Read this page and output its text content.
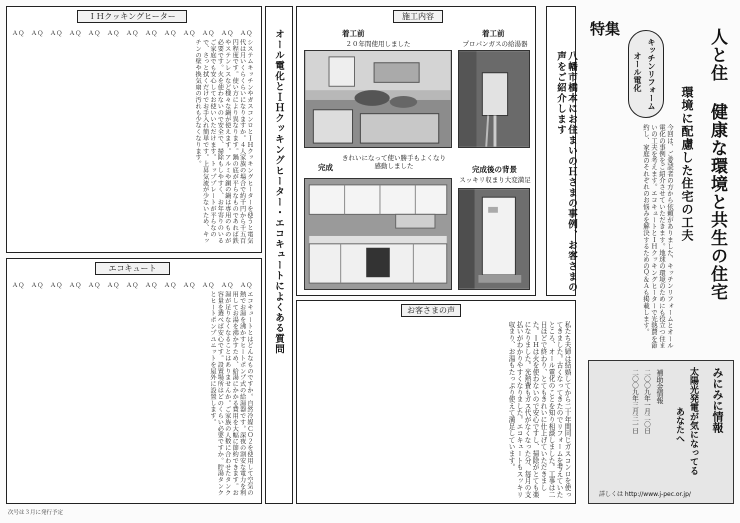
ＩＨクッキングヒーター
システムキッチンやガスコンロとＩＨクッキングヒーターを使うと電気代は月いくらくらいになりますか。４人家族の場合で約千円から千五百円程度です。使い方により異なります。鍋の底が平らなものであれば鉄やステンレスなど様々な鍋が使えます。アルミや銅の鍋は専用のものが必要です。火を使わないので安全で、掃除もしやすく、お年寄りのいるご家庭でも安心してお使いいただけます。トッププレートが平らなので、さっと拭くだけでお手入れ簡単です。上昇気流が少ないため、キッチンの壁や換気扇の汚れも少なくなります。
ＡＱ ＡＱ ＡＱ ＡＱ ＡＱ ＡＱ ＡＱ ＡＱ ＡＱ ＡＱ ＡＱ ＡＱ ＡＱ
エコキュート
エコキュートとはどんなものですか。自然冷媒ＣＯ２を使用して空気の熱でお湯を沸かすヒートポンプ式の給湯器です。深夜の割安な電力を利用してお湯を沸かすため、給湯にかかる費用を大幅に節約できます。お湯が足りなくなることはありませんか。ご家族の人数に合わせたタンク容量を選べば安心です。設置場所はどのくらい必要ですか。貯湯タンクとヒートポンプユニットを屋外に設置します。
ＡＱ ＡＱ ＡＱ ＡＱ ＡＱ ＡＱ ＡＱ ＡＱ ＡＱ ＡＱ ＡＱ ＡＱ ＡＱ
次号は３月に発行予定
オール電化とＩＨクッキングヒーター・エコキュートによくある質問
施工内容
着工前
２０年間使用しました
着工前
プロパンガスの給湯器
完成
きれいになって使い勝手もよくなり感動しました	完成後の背景
スッキリ収まり大変満足	八幡市橋本にお住まいのＨさまの事例、お客さまの声をご紹介します
お客さまの声
私たち夫婦は結婚してから二十年間同じガスコンロを使ってきました。古くなってきたのでリフォームを考えていたところ、オール電化のことを知り相談しました。工事は二日ほどで終わり、とてもきれいに仕上げていただきました。ＩＨは火を使わないので安心ですし、掃除がとても楽になりました。光熱費もガス代がなくなった分、毎月の支払いがわかりやすくなりました。エコキュートもスッキリ収まり、お湯もたっぷり使えて満足しています。
人と住 健康な環境と共生の住宅
環境に配慮した住宅の工夫
特集
キッチンリフォーム
オール電化
今回は、ご愛読者の方から依頼がありました、キッチンリフォームとオール電化の事例をご紹介させていただきます。地球の環境のためにも役立つ住まいの工夫を考えます。エコキュートとＩＨクッキングヒーターで光熱費を節約し、家庭のそれぞれのお悩みを解決するためのＱ＆Ａも掲載します。
みにみに情報
太陽光発電が気になってる
あなたへ
補助金情報
二〇〇九年一月二〇日
二〇〇九年三月三一日
詳しくは http://www.j-pec.or.jp/
